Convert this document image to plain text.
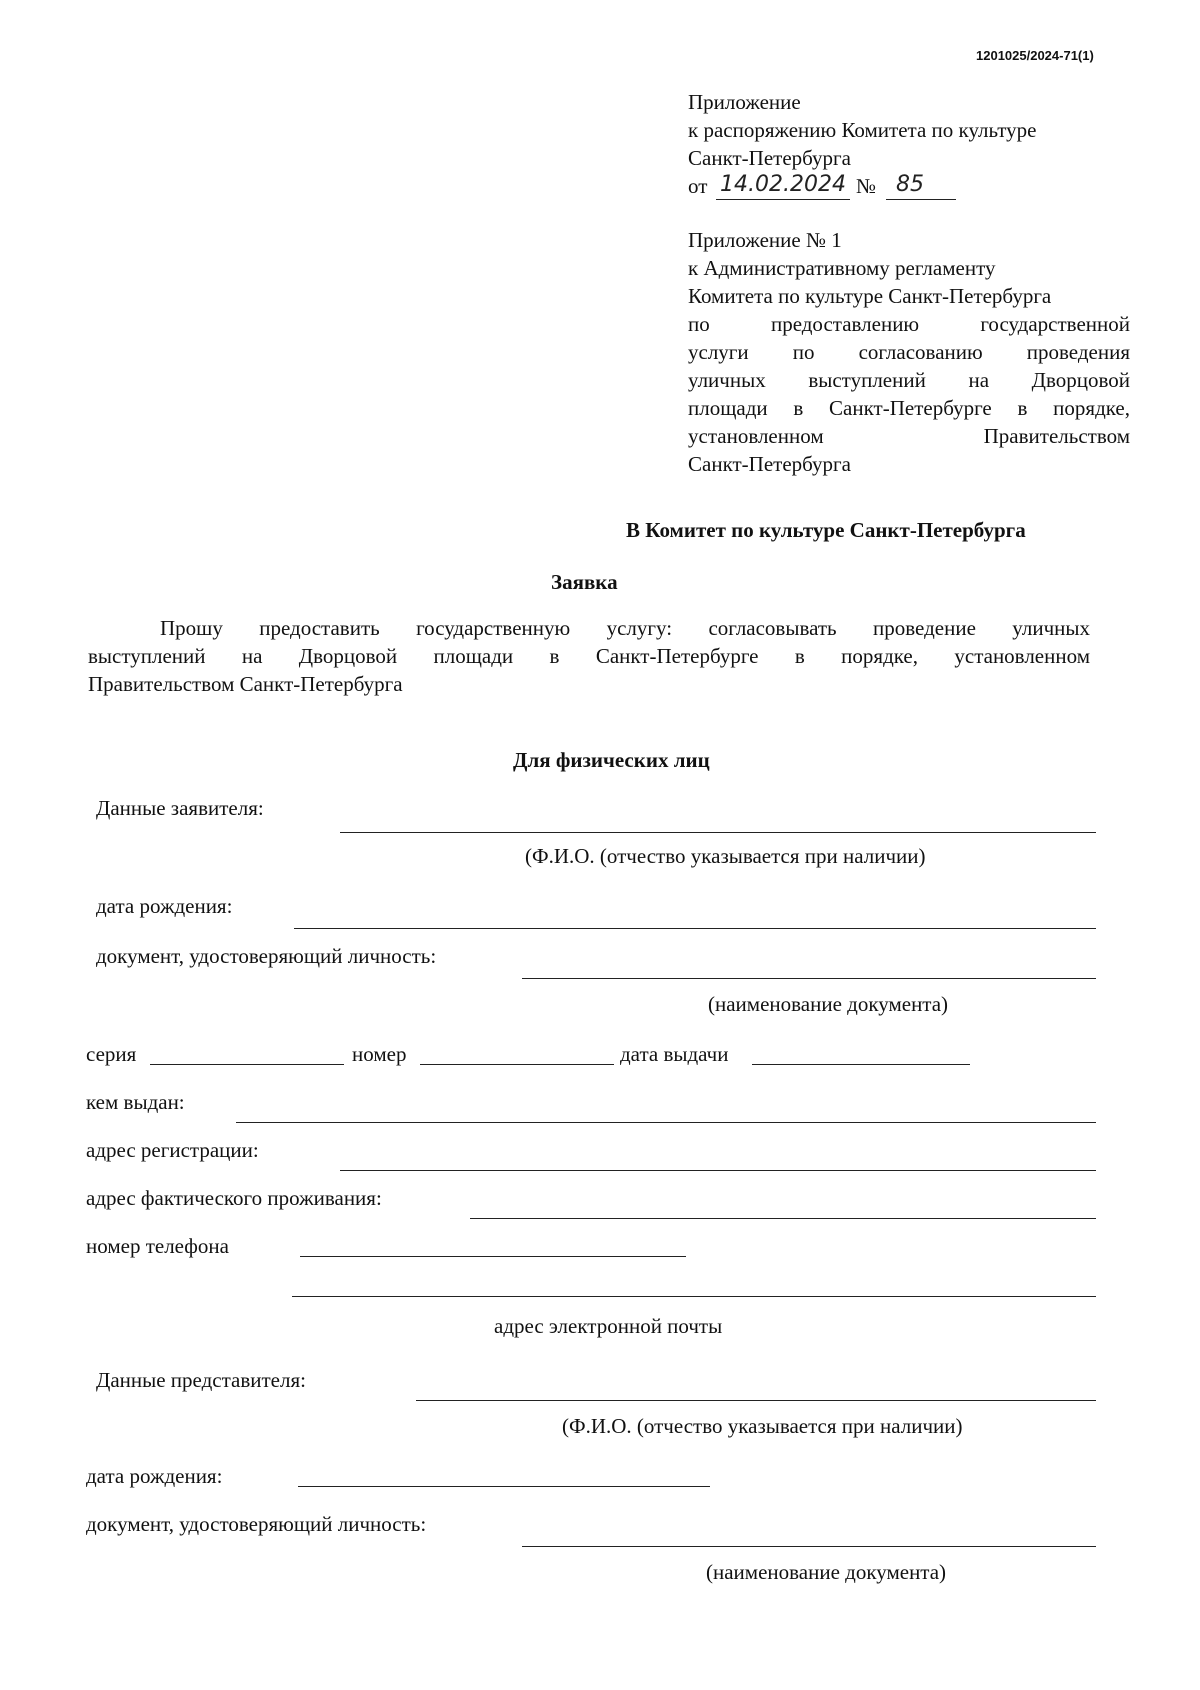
1201025/2024-71(1)
Приложение
к распоряжению Комитета по культуре
Санкт-Петербурга
от 14.02.2024 № 85
Приложение № 1
к Административному регламенту
Комитета по культуре Санкт-Петербурга
по предоставлению государственной
услуги по согласованию проведения
уличных выступлений на Дворцовой
площади в Санкт-Петербурге в порядке,
установленном Правительством
Санкт-Петербурга
В Комитет по культуре Санкт-Петербурга
Заявка
Прошу предоставить государственную услугу: согласовывать проведение уличных
выступлений на Дворцовой площади в Санкт-Петербурге в порядке, установленном
Правительством Санкт-Петербурга
Для физических лиц
Данные заявителя:
(Ф.И.О. (отчество указывается при наличии)
дата рождения:
документ, удостоверяющий личность:
(наименование документа)
серия	номер	дата выдачи
кем выдан:
адрес регистрации:
адрес фактического проживания:
номер телефона
адрес электронной почты
Данные представителя:
(Ф.И.О. (отчество указывается при наличии)
дата рождения:
документ, удостоверяющий личность:
(наименование документа)
